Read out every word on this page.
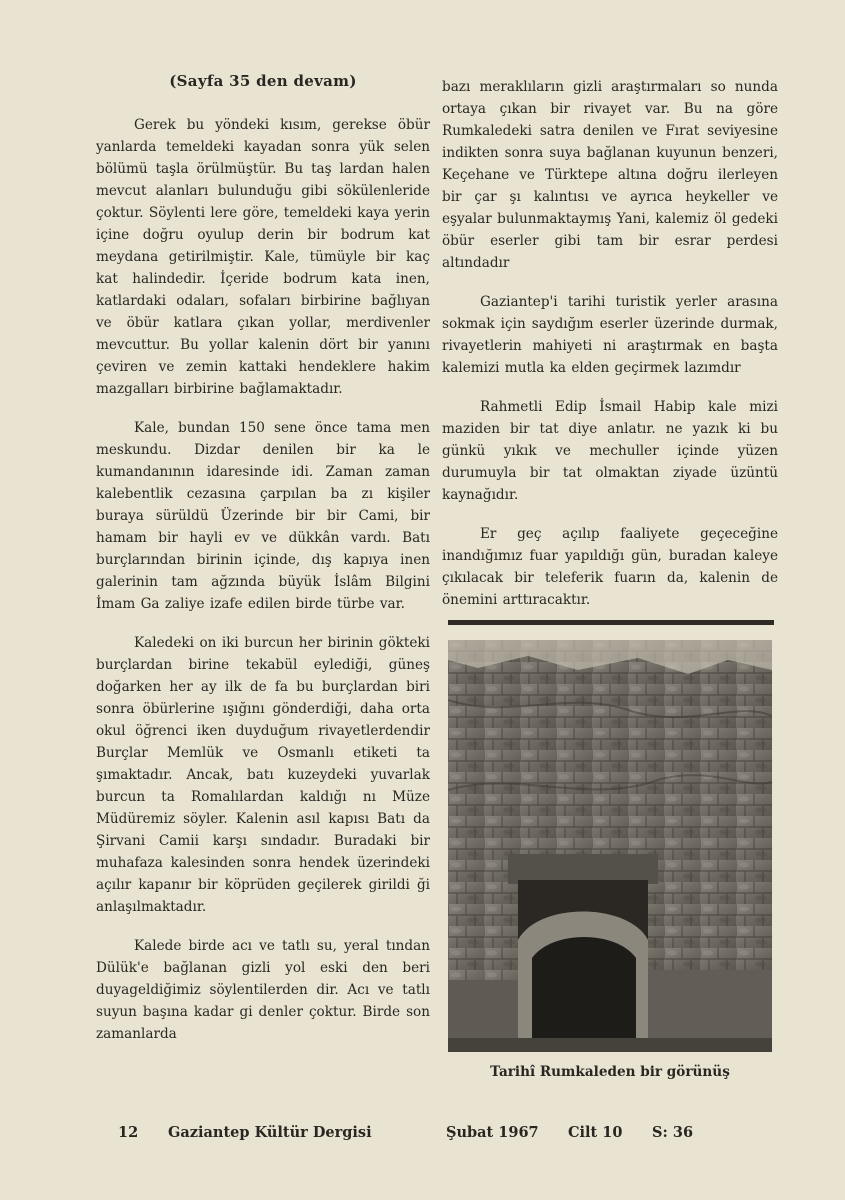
(Sayfa 35 den devam)

Gerek bu yöndeki kısım, gerekse öbür yanlarda temeldeki kayadan sonra yük selen bölümü taşla örülmüştür. Bu taş lardan halen mevcut alanları bulunduğu gibi sökülenleride çoktur. Söylenti lere göre, temeldeki kaya yerin içine doğru oyulup derin bir bodrum kat meydana getirilmiştir. Kale, tümüyle bir kaç kat halindedir. İçeride bodrum kata inen, katlardaki odaları, sofaları birbirine bağlıyan ve öbür katlara çıkan yollar, merdivenler mevcuttur. Bu yollar kalenin dört bir yanını çeviren ve zemin kattaki hendeklere hakim mazgalları birbirine bağlamaktadır.

Kale, bundan 150 sene önce tama men meskundu. Dizdar denilen bir ka le kumandanının idaresinde idi. Zaman zaman kalebentlik cezasına çarpılan ba zı kişiler buraya sürüldü Üzerinde bir bir Cami, bir hamam bir hayli ev ve dükkân vardı. Batı burçlarından birinin içinde, dış kapıya inen galerinin tam ağzında büyük İslâm Bilgini İmam Ga zaliye izafe edilen birde türbe var.

Kaledeki on iki burcun her birinin gökteki burçlardan birine tekabül eylediği, güneş doğarken her ay ilk de fa bu burçlardan biri sonra öbürlerine ışığını gönderdiği, daha orta okul öğrenci iken duyduğum rivayetlerdendir Burçlar Memlük ve Osmanlı etiketi ta şımaktadır. Ancak, batı kuzeydeki yuvarlak burcun ta Romalılardan kaldığı nı Müze Müdüremiz söyler. Kalenin asıl kapısı Batı da Şirvani Camii karşı sındadır. Buradaki bir muhafaza kalesinden sonra hendek üzerindeki açılır kapanır bir köprüden geçilerek girildi ği anlaşılmaktadır.

Kalede birde acı ve tatlı su, yeral tından Dülük'e bağlanan gizli yol eski den beri duyageldiğimiz söylentilerden dir. Acı ve tatlı suyun başına kadar gi denler çoktur. Birde son zamanlarda

bazı meraklıların gizli araştırmaları so nunda ortaya çıkan bir rivayet var. Bu na göre Rumkaledeki satra denilen ve Fırat seviyesine indikten sonra suya bağlanan kuyunun benzeri, Keçehane ve Türktepe altına doğru ilerleyen bir çar şı kalıntısı ve ayrıca heykeller ve eşyalar bulunmaktaymış Yani, kalemiz öl gedeki öbür eserler gibi tam bir esrar perdesi altındadır

Gaziantep'i tarihi turistik yerler arasına sokmak için saydığım eserler üzerinde durmak, rivayetlerin mahiyeti ni araştırmak en başta kalemizi mutla ka elden geçirmek lazımdır

Rahmetli Edip İsmail Habip kale mizi maziden bir tat diye anlatır. ne yazık ki bu günkü yıkık ve mechuller içinde yüzen durumuyla bir tat olmaktan ziyade üzüntü kaynağıdır.

Er geç açılıp faaliyete geçeceğine inandığımız fuar yapıldığı gün, buradan kaleye çıkılacak bir teleferik fuarın da, kalenin de önemini arttıracaktır.

Tarihî Rumkaleden bir görünüş
12 Gaziantep Kültür Dergisi	Şubat 1967 Cilt 10 S: 36
